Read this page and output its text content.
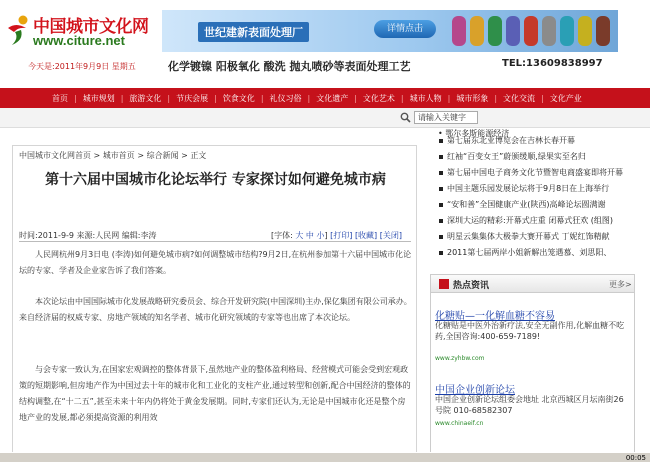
中国城市文化网
www.citure.net
今天是:2011年9月9日 星期五
世纪建新表面处理厂	详情点击
化学镀镍 阳极氧化 酸洗 抛丸喷砂等表面处理工艺	TEL:13609838997
首页 | 城市规划 | 旅游文化 | 节庆会展 | 饮食文化 | 礼仪习俗 | 文化遗产 | 文化艺术 | 城市人物 | 城市形象 | 文化交流 | 文化产业
请输入关键字
• 鄂尔多斯能源经济
中国城市文化网首页 > 城市首页 > 综合新闻 > 正文
第十六届中国城市化论坛举行 专家探讨如何避免城市病
时间:2011-9-9 来源:人民网 编辑:李涛	[字体: 大 中 小] [打印] [收藏] [关闭]

人民网杭州9月3日电 (李涛)如何避免城市病?如何调整城市结构?9月2日,在杭州参加第十六届中国城市化论坛的专家、学者及企业家告诉了我们答案。

本次论坛由中国国际城市化发展战略研究委员会、综合开发研究院(中国深圳)主办,保亿集团有限公司承办。来自经济届的权威专家、房地产领域的知名学者、城市化研究领域的专家等也出席了本次论坛。

与会专家一致认为,在国家宏观调控的整体背景下,虽然地产业的整体盈利格局、经营模式可能会受到宏观政策的短期影响,但房地产作为中国过去十年的城市化和工业化的支柱产业,通过转型和创新,配合中国经济的整体的结构调整,在“十二五”,甚至未来十年内仍将处于黄金发展期。同时,专家们还认为,无论是中国城市化还是整个房地产业的发展,都必须提高资源的利用效

第七届东北亚博览会在吉林长春开幕
红袖“百变女王”蔚颁缓顺,绿果实至名归
第七届中国电子商务文化节暨智电商盛宴即将开幕
中国主题乐园发展论坛将于9月8日在上海举行
“安和善”全国健康产业(陕西)高峰论坛圆满谢
深圳大运的精彩:开幕式庄重 闭幕式狂欢 (组图)
明星云集集体大极拳大赛开幕式 丁妮红饰精献
2011第七届两岸小姐新解出笼遇慕、刘思阳、
热点资讯	更多>
化糖贴—一化解血糖不容易
化糖贴是中医外治新疗法,安全无副作用,化解血糖不吃药,全国咨询:400-659-7189!
www.zyhbw.com
中国企业创新论坛
中国企业创新论坛组委会地址 北京西城区月坛南街26号院 010-68582307
www.chinaeif.cn
00:05
